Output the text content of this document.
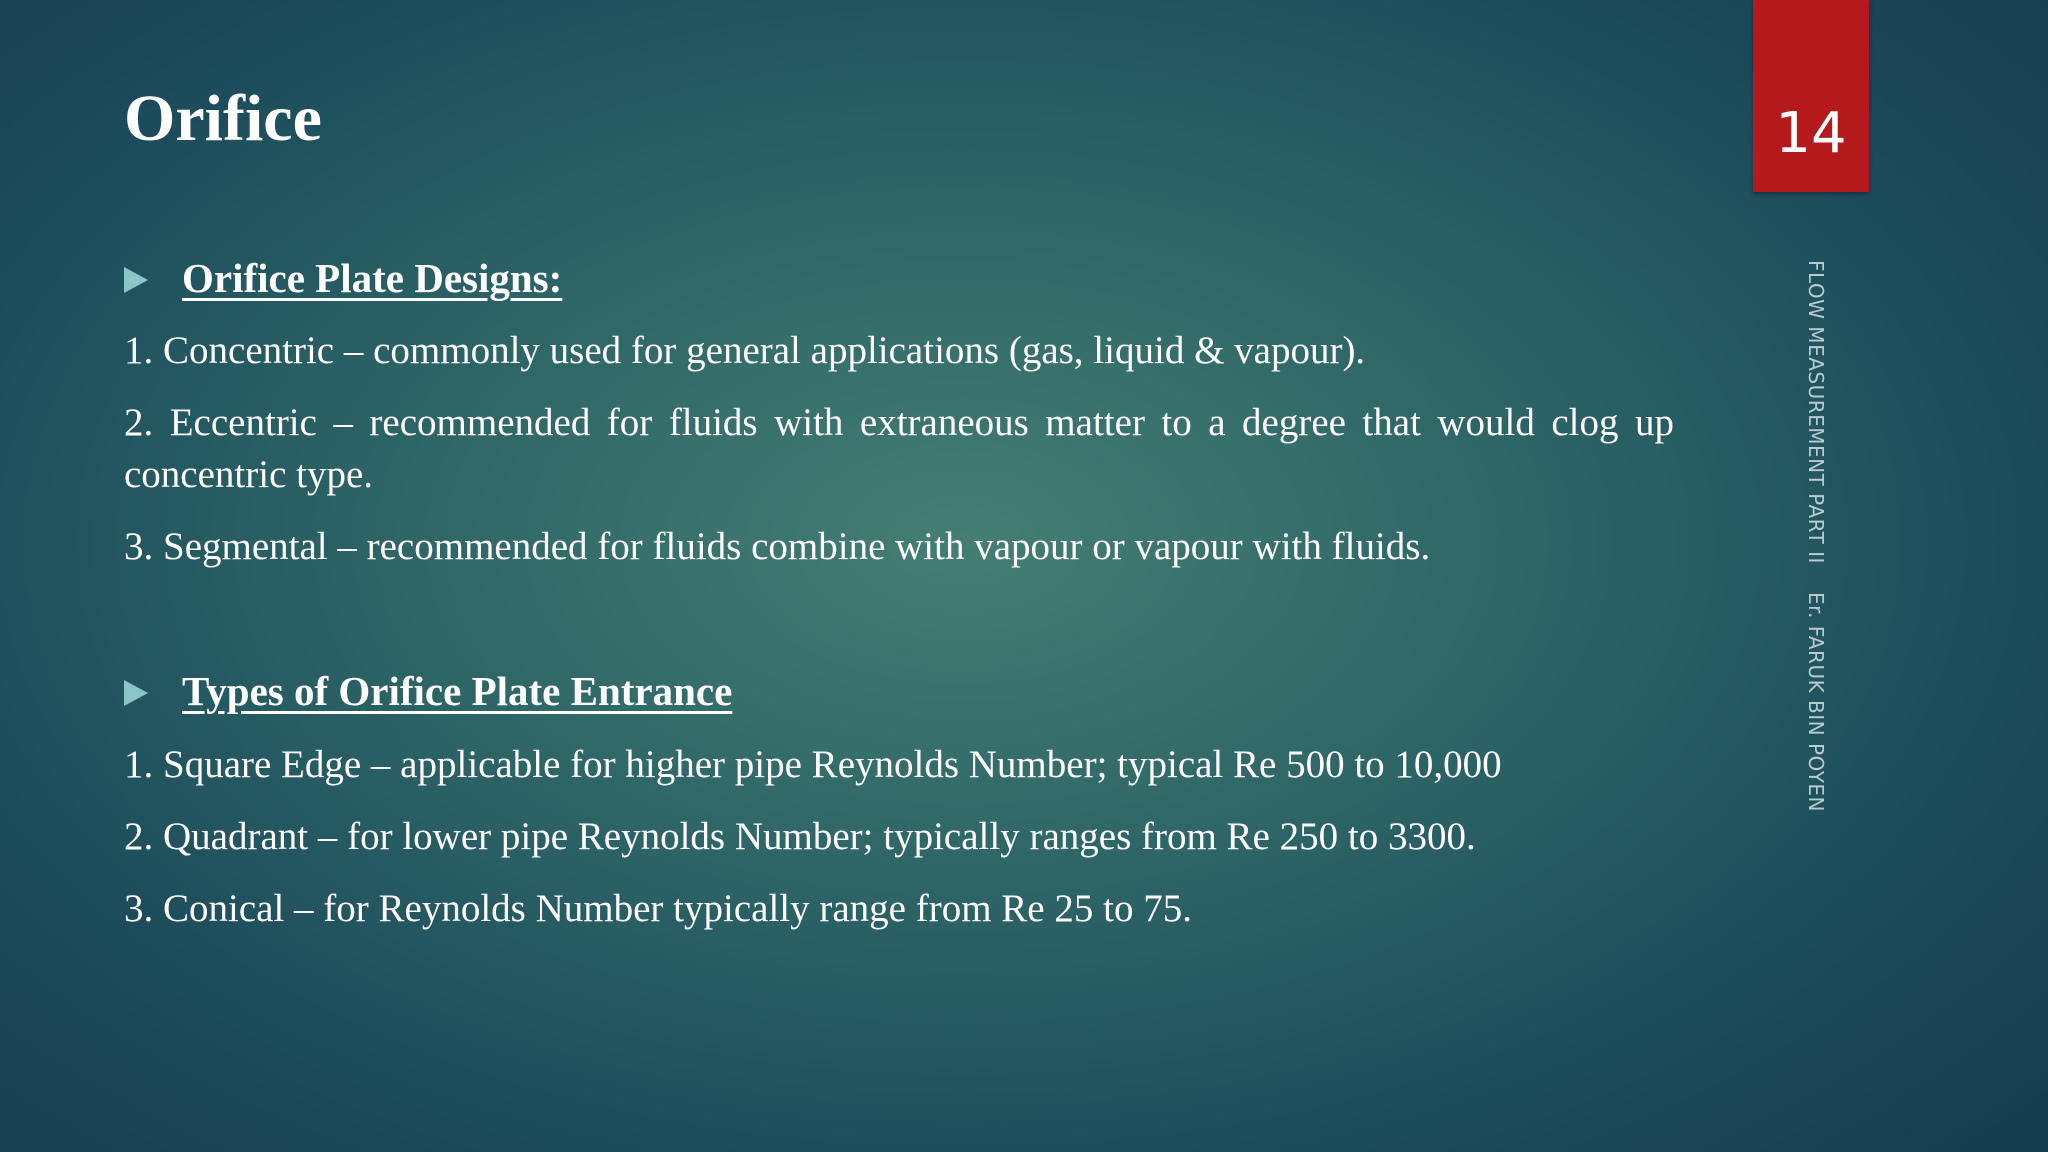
Orifice	14
FLOW MEASUREMENT PART IIEr. FARUK BIN POYEN
Orifice Plate Designs:
1. Concentric – commonly used for general applications (gas, liquid & vapour).
2. Eccentric – recommended for fluids with extraneous matter to a degree that would clog up concentric type.
3. Segmental – recommended for fluids combine with vapour or vapour with fluids.
Types of Orifice Plate Entrance
1. Square Edge – applicable for higher pipe Reynolds Number; typical Re 500 to 10,000
2. Quadrant – for lower pipe Reynolds Number; typically ranges from Re 250 to 3300.
3. Conical – for Reynolds Number typically range from Re 25 to 75.
